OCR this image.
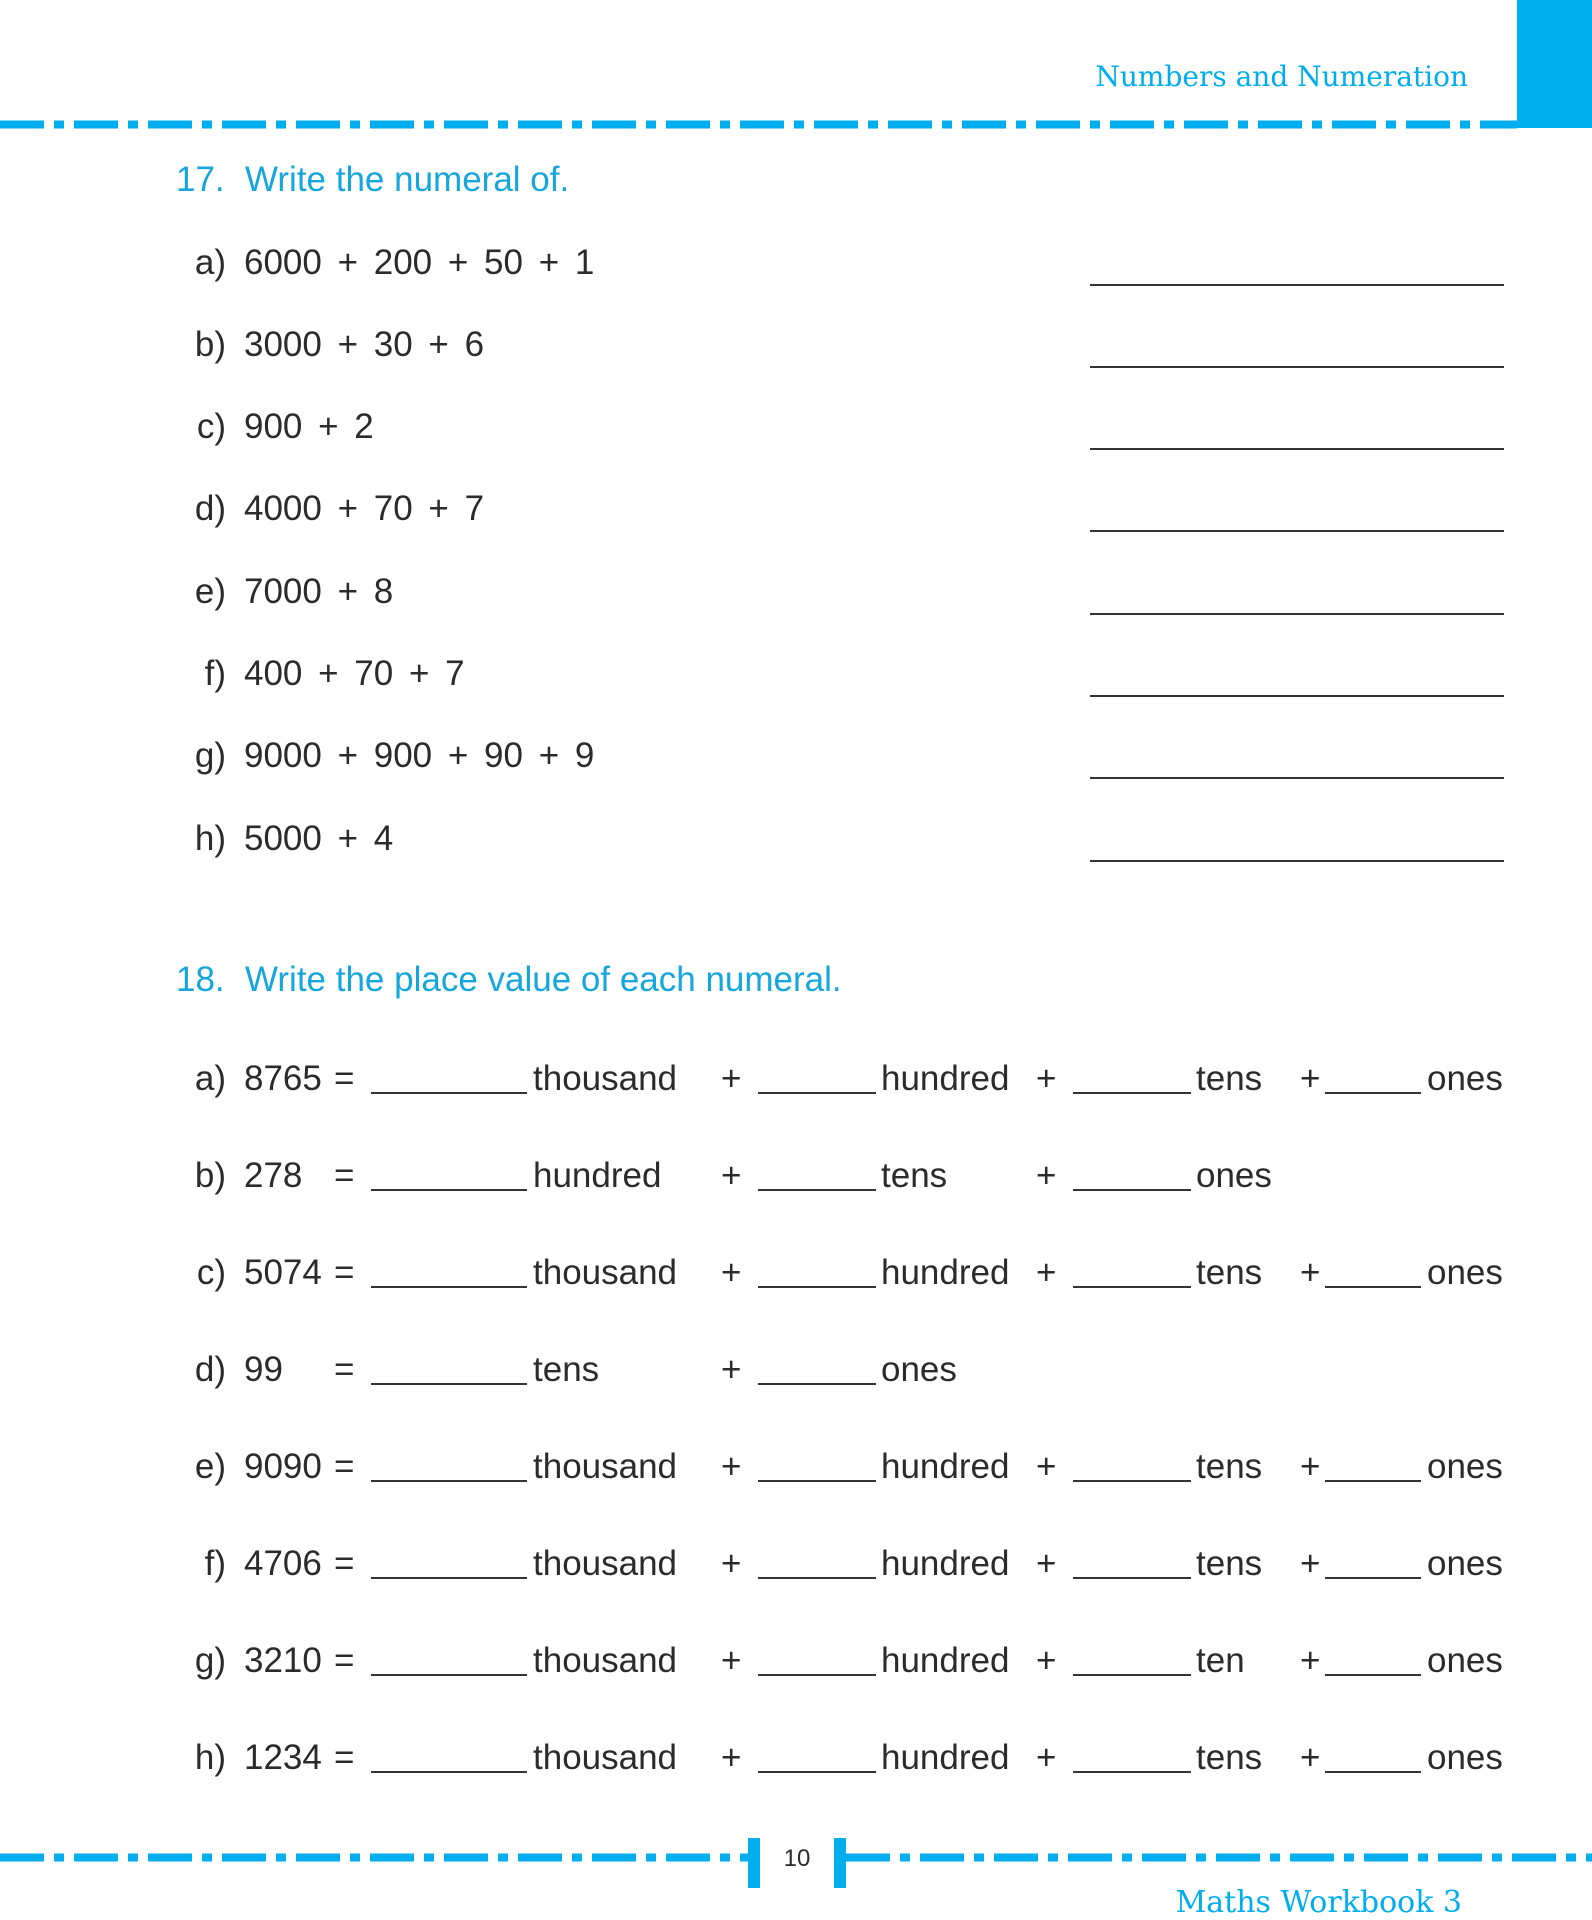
Numbers and Numeration
17. Write the numeral of.
a) 6000 + 200 + 50 + 1
b) 3000 + 30 + 6
c) 900 + 2
d) 4000 + 70 + 7
e) 7000 + 8
f) 400 + 70 + 7
g) 9000 + 900 + 90 + 9
h) 5000 + 4
18. Write the place value of each numeral.
a) 8765 =	thousand +	hundred +	tens +	ones
b) 278 =	hundred +	tens	+	ones
c) 5074 =	thousand +	hundred +	tens +	ones
d) 99 =	tens	+	ones
e) 9090 =	thousand +	hundred +	tens +	ones
f) 4706 =	thousand +	hundred +	tens +	ones
g) 3210 =	thousand +	hundred +	ten +	ones
h) 1234 =	thousand +	hundred +	tens +	ones
10
Maths Workbook 3
